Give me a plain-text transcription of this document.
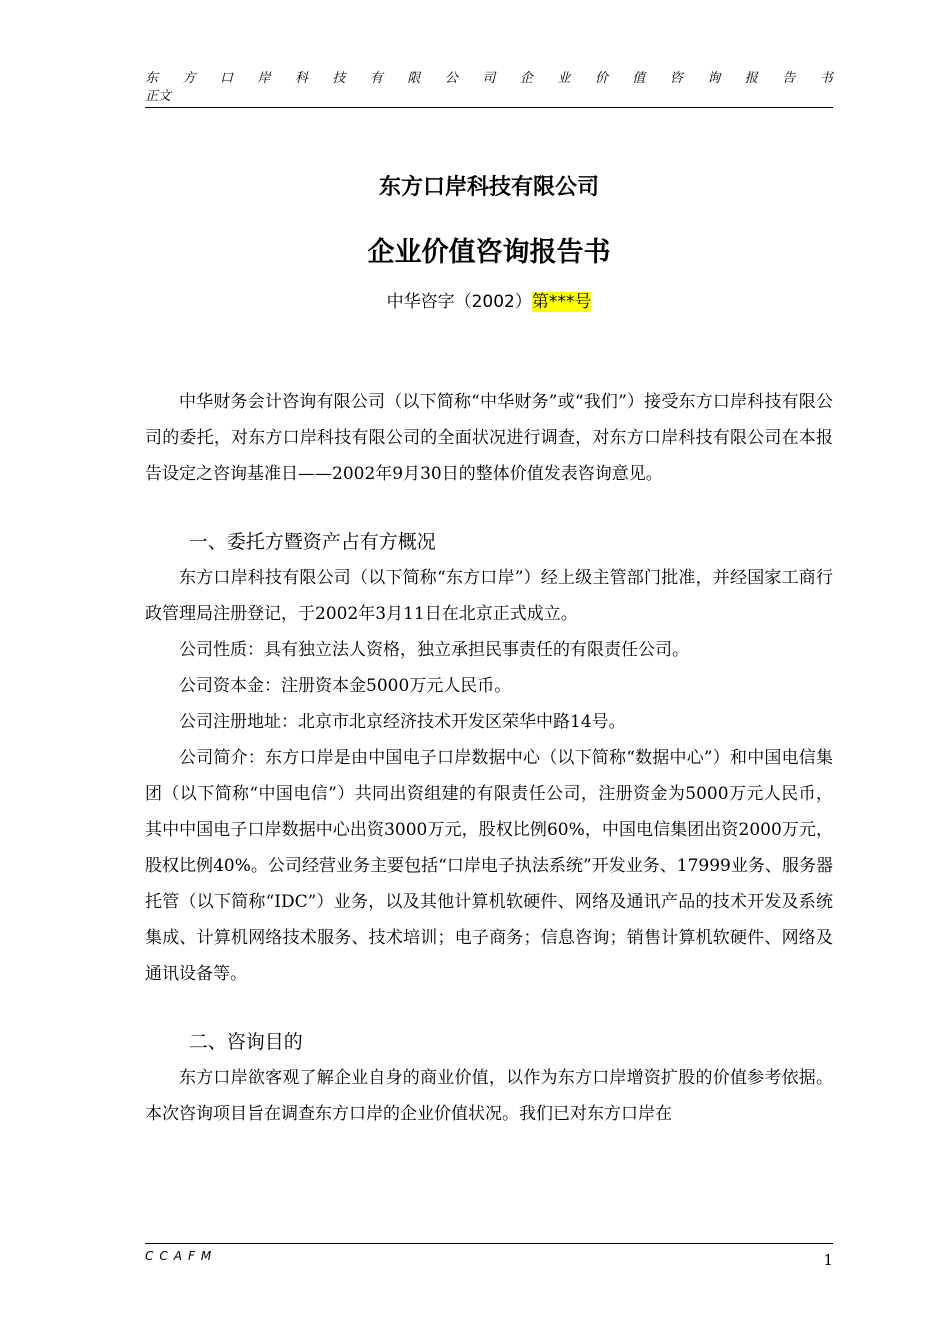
东 方 口 岸 科 技 有 限 公 司 企 业 价 值 咨 询 报 告 书
正文
东方口岸科技有限公司
企业价值咨询报告书
中华咨字（2002）第***号

中华财务会计咨询有限公司（以下简称“中华财务”或“我们”）接受东方口岸科技有限公司的委托，对东方口岸科技有限公司的全面状况进行调查，对东方口岸科技有限公司在本报告设定之咨询基准日——2002年9月30日的整体价值发表咨询意见。

一、委托方暨资产占有方概况

东方口岸科技有限公司（以下简称“东方口岸”）经上级主管部门批准，并经国家工商行政管理局注册登记，于2002年3月11日在北京正式成立。

公司性质：具有独立法人资格，独立承担民事责任的有限责任公司。

公司资本金：注册资本金5000万元人民币。

公司注册地址：北京市北京经济技术开发区荣华中路14号。

公司简介：东方口岸是由中国电子口岸数据中心（以下简称“数据中心”）和中国电信集团（以下简称“中国电信”）共同出资组建的有限责任公司，注册资金为5000万元人民币，其中中国电子口岸数据中心出资3000万元，股权比例60%，中国电信集团出资2000万元，股权比例40%。公司经营业务主要包括“口岸电子执法系统”开发业务、17999业务、服务器托管（以下简称“IDC”）业务，以及其他计算机软硬件、网络及通讯产品的技术开发及系统集成、计算机网络技术服务、技术培训；电子商务；信息咨询；销售计算机软硬件、网络及通讯设备等。

二、咨询目的

东方口岸欲客观了解企业自身的商业价值，以作为东方口岸增资扩股的价值参考依据。本次咨询项目旨在调查东方口岸的企业价值状况。我们已对东方口岸在

CCAFM	1
